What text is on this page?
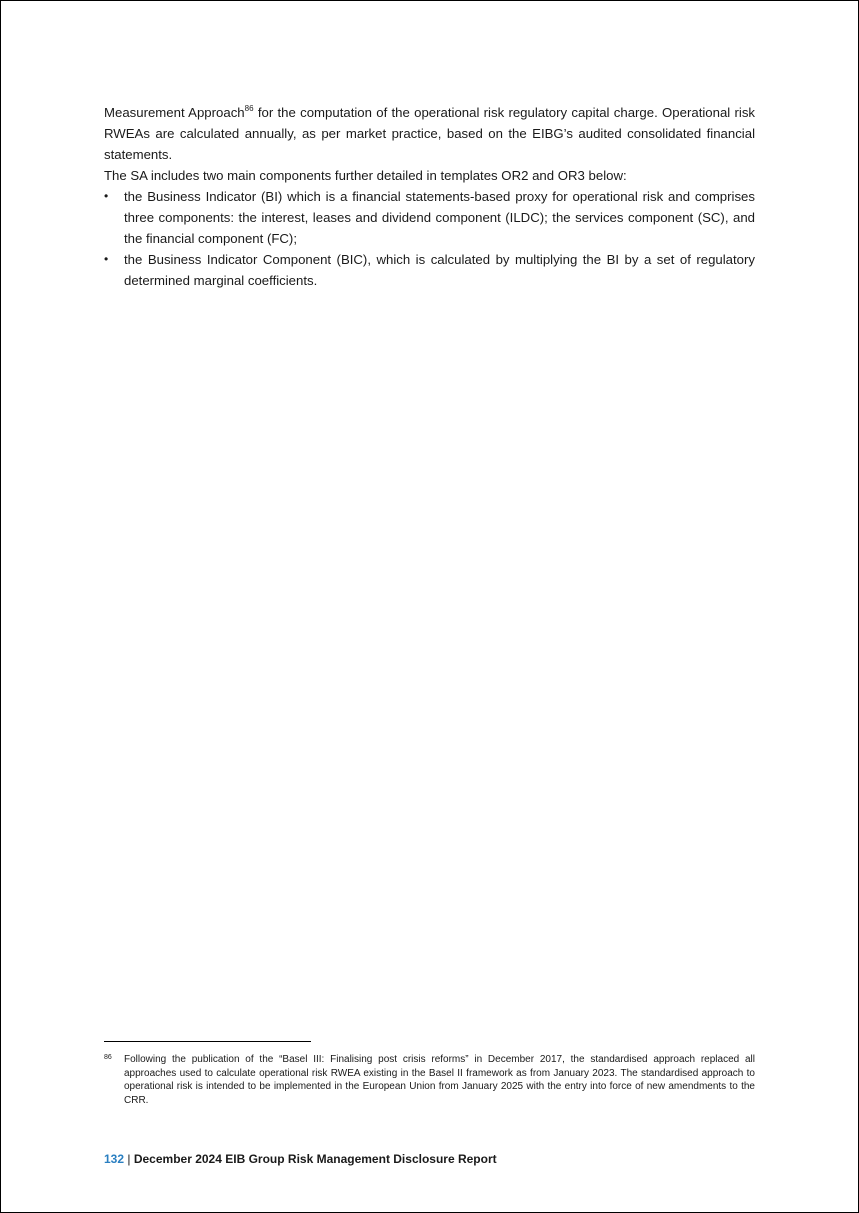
Measurement Approach$^{86}$ for the computation of the operational risk regulatory capital charge. Operational risk RWEAs are calculated annually, as per market practice, based on the EIBG’s audited consolidated financial statements.

The SA includes two main components further detailed in templates OR2 and OR3 below:

• the Business Indicator (BI) which is a financial statements-based proxy for operational risk and comprises three components: the interest, leases and dividend component (ILDC); the services component (SC), and the financial component (FC);
• the Business Indicator Component (BIC), which is calculated by multiplying the BI by a set of regulatory determined marginal coefficients.
86	Following the publication of the “Basel III: Finalising post crisis reforms” in December 2017, the standardised approach replaced all approaches used to calculate operational risk RWEA existing in the Basel II framework as from January 2023. The standardised approach to operational risk is intended to be implemented in the European Union from January 2025 with the entry into force of new amendments to the CRR.
132 | December 2024 EIB Group Risk Management Disclosure Report
